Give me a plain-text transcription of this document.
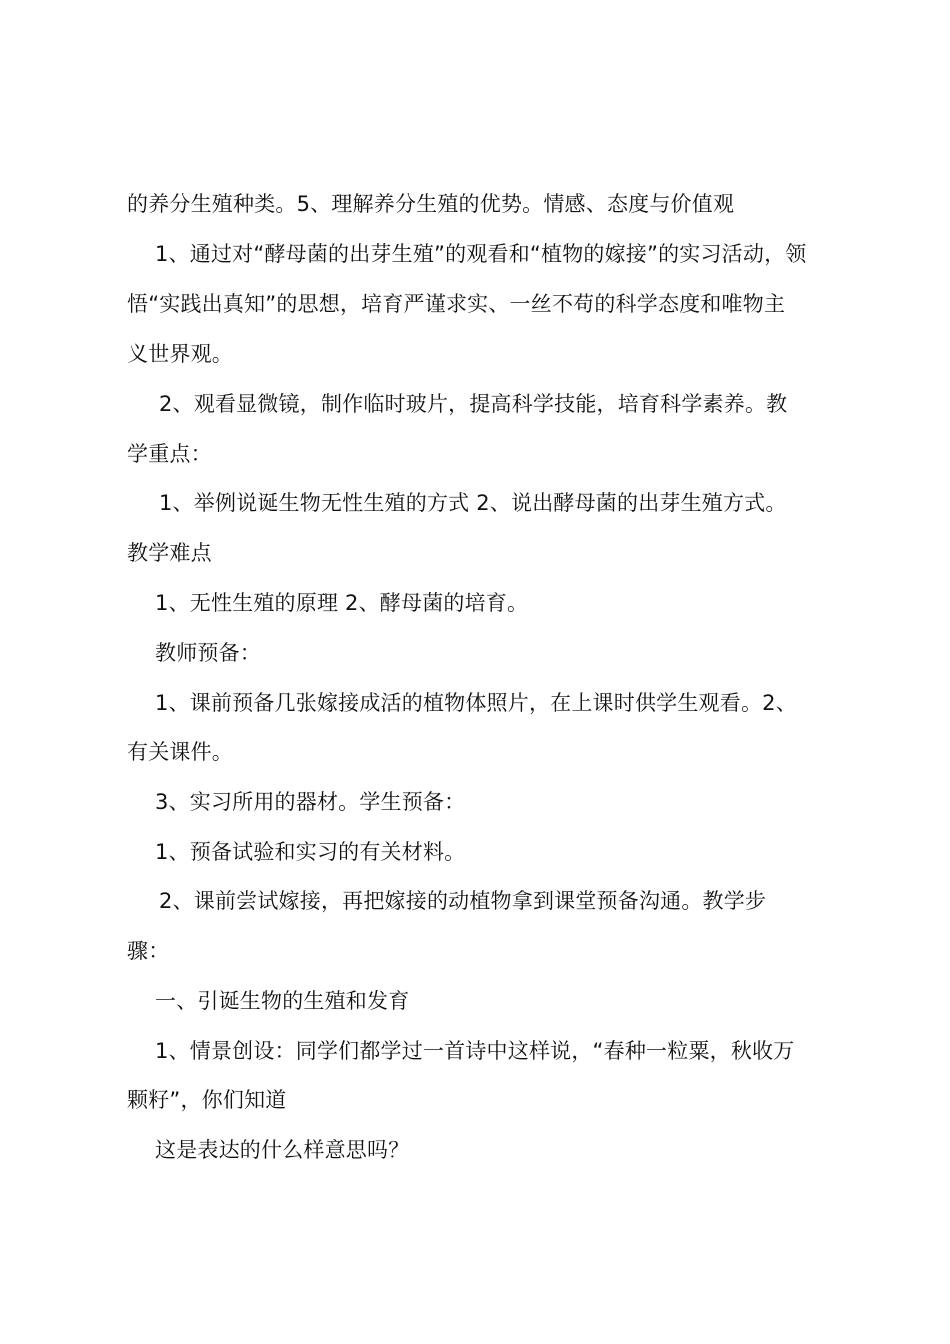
的养分生殖种类。5、理解养分生殖的优势。情感、态度与价值观
1、通过对“酵母菌的出芽生殖”的观看和“植物的嫁接”的实习活动，领
悟“实践出真知”的思想，培育严谨求实、一丝不苟的科学态度和唯物主
义世界观。
2、观看显微镜，制作临时玻片，提高科学技能，培育科学素养。教
学重点：
1、举例说诞生物无性生殖的方式 2、说出酵母菌的出芽生殖方式。
教学难点
1、无性生殖的原理 2、酵母菌的培育。
教师预备：
1、课前预备几张嫁接成活的植物体照片，在上课时供学生观看。2、
有关课件。
3、实习所用的器材。学生预备：
1、预备试验和实习的有关材料。
2、课前尝试嫁接，再把嫁接的动植物拿到课堂预备沟通。教学步
骤：
一、引诞生物的生殖和发育
1、情景创设：同学们都学过一首诗中这样说，“春种一粒粟，秋收万
颗籽”，你们知道
这是表达的什么样意思吗？
